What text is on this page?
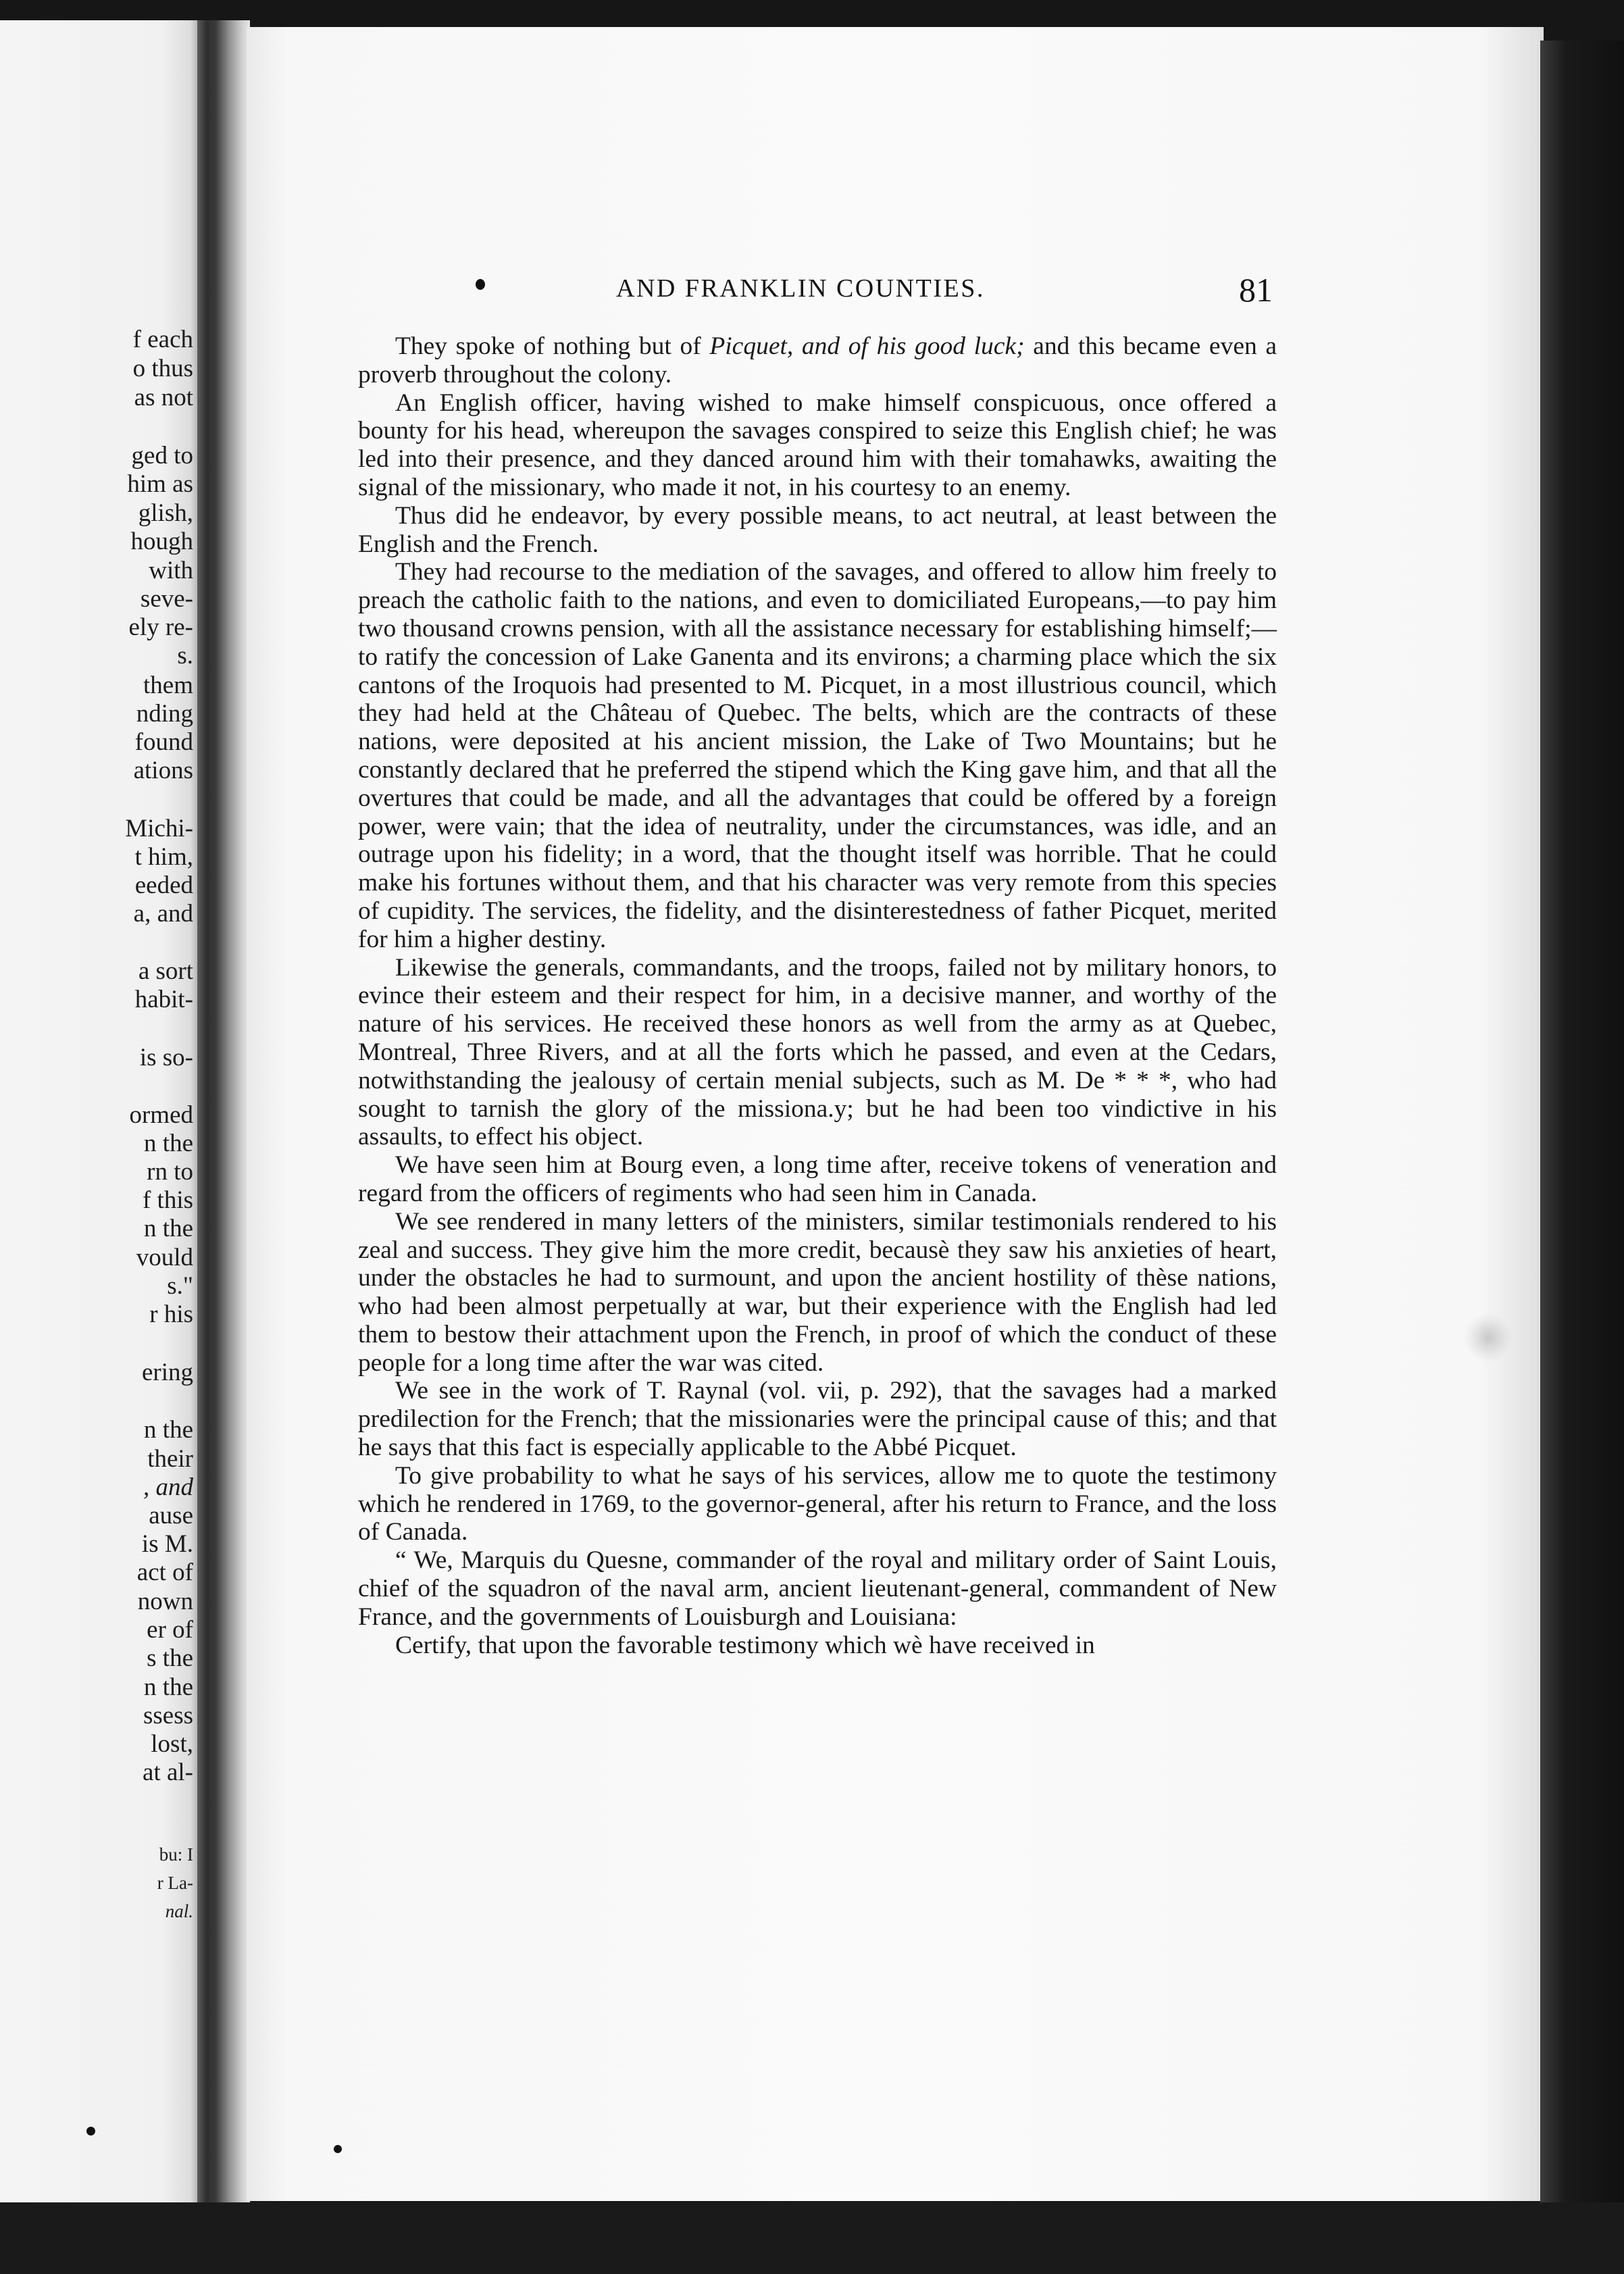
f each
o thus
as not
ged to
him as
glish,
hough
with
seve-
ely re-
s.
them
nding
found
ations
Michi-
t him,
eeded
a, and
a sort
habit-
is so-
ormed
n the
rn to
f this
n the
vould
s."
r his
ering
n the
their
, and
ause
is M.
act of
nown
er of
s the
n the
ssess
lost,
at al-
bu: I
r La-
nal.
AND FRANKLIN COUNTIES.	81

They spoke of nothing but of Picquet, and of his good luck; and this became even a proverb throughout the colony.

An English officer, having wished to make himself conspicuous, once offered a bounty for his head, whereupon the savages conspired to seize this English chief; he was led into their presence, and they danced around him with their tomahawks, awaiting the signal of the missionary, who made it not, in his courtesy to an enemy.

Thus did he endeavor, by every possible means, to act neutral, at least between the English and the French.

They had recourse to the mediation of the savages, and offered to allow him freely to preach the catholic faith to the nations, and even to domiciliated Europeans,—to pay him two thousand crowns pension, with all the assistance necessary for establishing himself;—to ratify the concession of Lake Ganenta and its environs; a charming place which the six cantons of the Iroquois had presented to M. Picquet, in a most illustrious council, which they had held at the Château of Quebec. The belts, which are the contracts of these nations, were deposited at his ancient mission, the Lake of Two Mountains; but he constantly declared that he preferred the stipend which the King gave him, and that all the overtures that could be made, and all the advantages that could be offered by a foreign power, were vain; that the idea of neutrality, under the circumstances, was idle, and an outrage upon his fidelity; in a word, that the thought itself was horrible. That he could make his fortunes without them, and that his character was very remote from this species of cupidity. The services, the fidelity, and the disinterestedness of father Picquet, merited for him a higher destiny.

Likewise the generals, commandants, and the troops, failed not by military honors, to evince their esteem and their respect for him, in a decisive manner, and worthy of the nature of his services. He received these honors as well from the army as at Quebec, Montreal, Three Rivers, and at all the forts which he passed, and even at the Cedars, notwithstanding the jealousy of certain menial subjects, such as M. De * * *, who had sought to tarnish the glory of the missiona.y; but he had been too vindictive in his assaults, to effect his object.

We have seen him at Bourg even, a long time after, receive tokens of veneration and regard from the officers of regiments who had seen him in Canada.

We see rendered in many letters of the ministers, similar testimonials rendered to his zeal and success. They give him the more credit, becausè they saw his anxieties of heart, under the obstacles he had to surmount, and upon the ancient hostility of thèse nations, who had been almost perpetually at war, but their experience with the English had led them to bestow their attachment upon the French, in proof of which the conduct of these people for a long time after the war was cited.

We see in the work of T. Raynal (vol. vii, p. 292), that the savages had a marked predilection for the French; that the missionaries were the principal cause of this; and that he says that this fact is especially applicable to the Abbé Picquet.

To give probability to what he says of his services, allow me to quote the testimony which he rendered in 1769, to the governor-general, after his return to France, and the loss of Canada.

“ We, Marquis du Quesne, commander of the royal and military order of Saint Louis, chief of the squadron of the naval arm, ancient lieutenant-general, commandent of New France, and the governments of Louisburgh and Louisiana:

Certify, that upon the favorable testimony which wè have received in
